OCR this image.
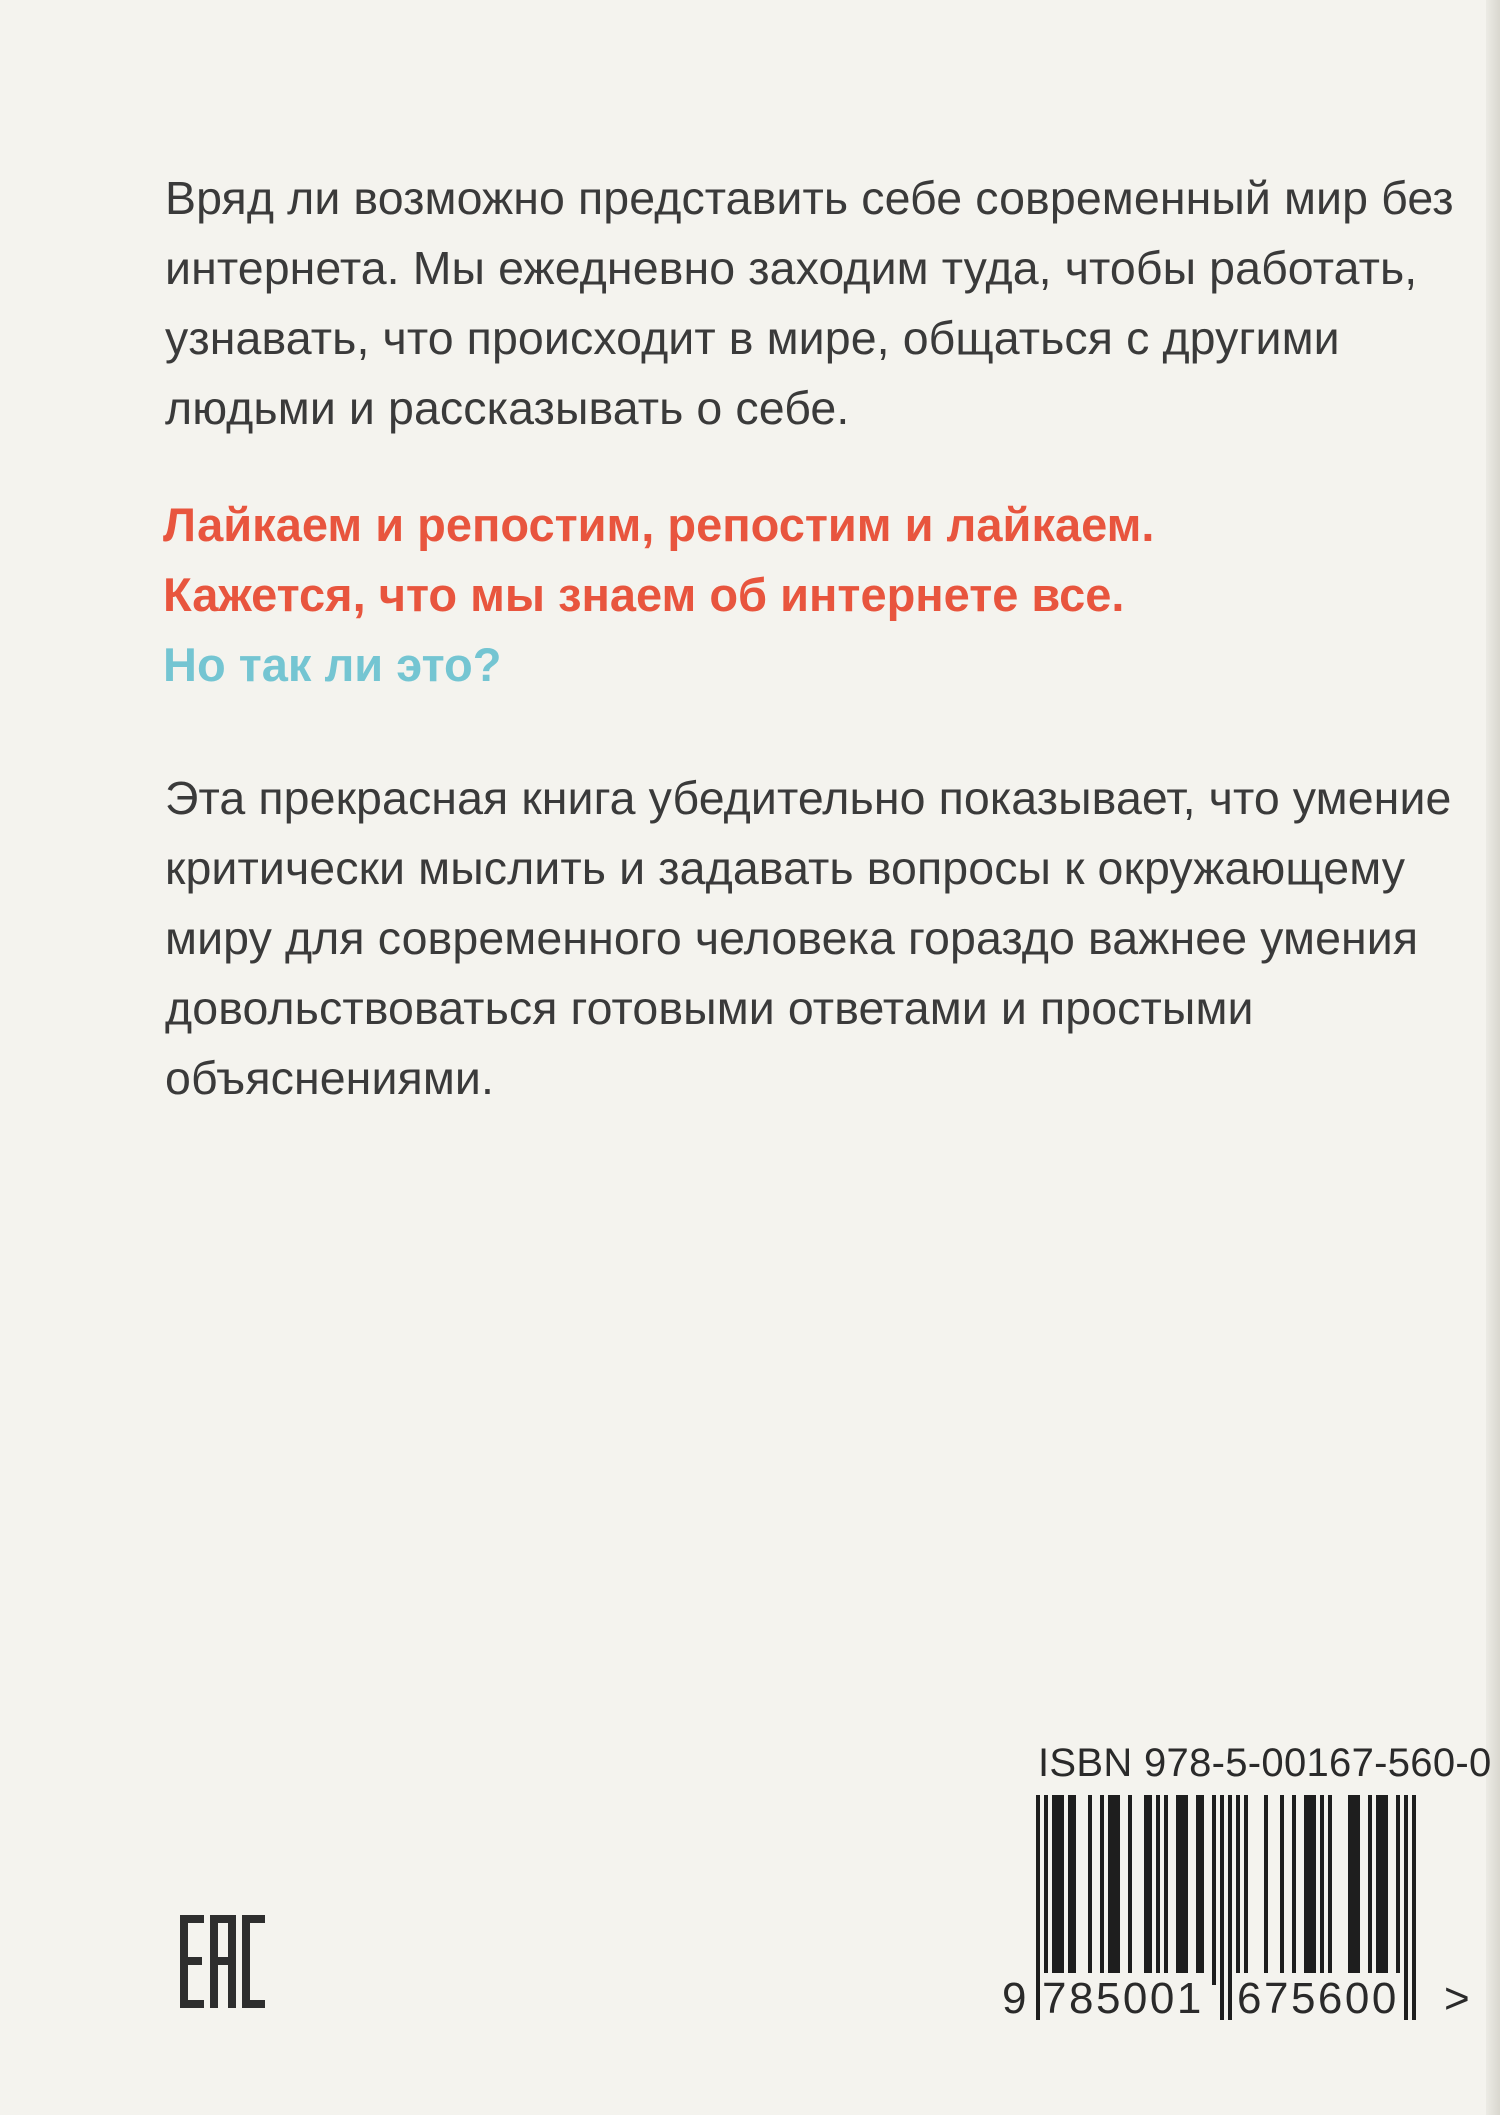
Вряд ли возможно представить себе современный мир без
интернета. Мы ежедневно заходим туда, чтобы работать,
узнавать, что происходит в мире, общаться с другими
людьми и рассказывать о себе.

Лайкаем и репостим, репостим и лайкаем.
Кажется, что мы знаем об интернете все.

Но так ли это?

Эта прекрасная книга убедительно показывает, что умение
критически мыслить и задавать вопросы к окружающему
миру для современного человека гораздо важнее умения
довольствоваться готовыми ответами и простыми
объяснениями.

ISBN 978-5-00167-560-0
9 785001 675600 >
